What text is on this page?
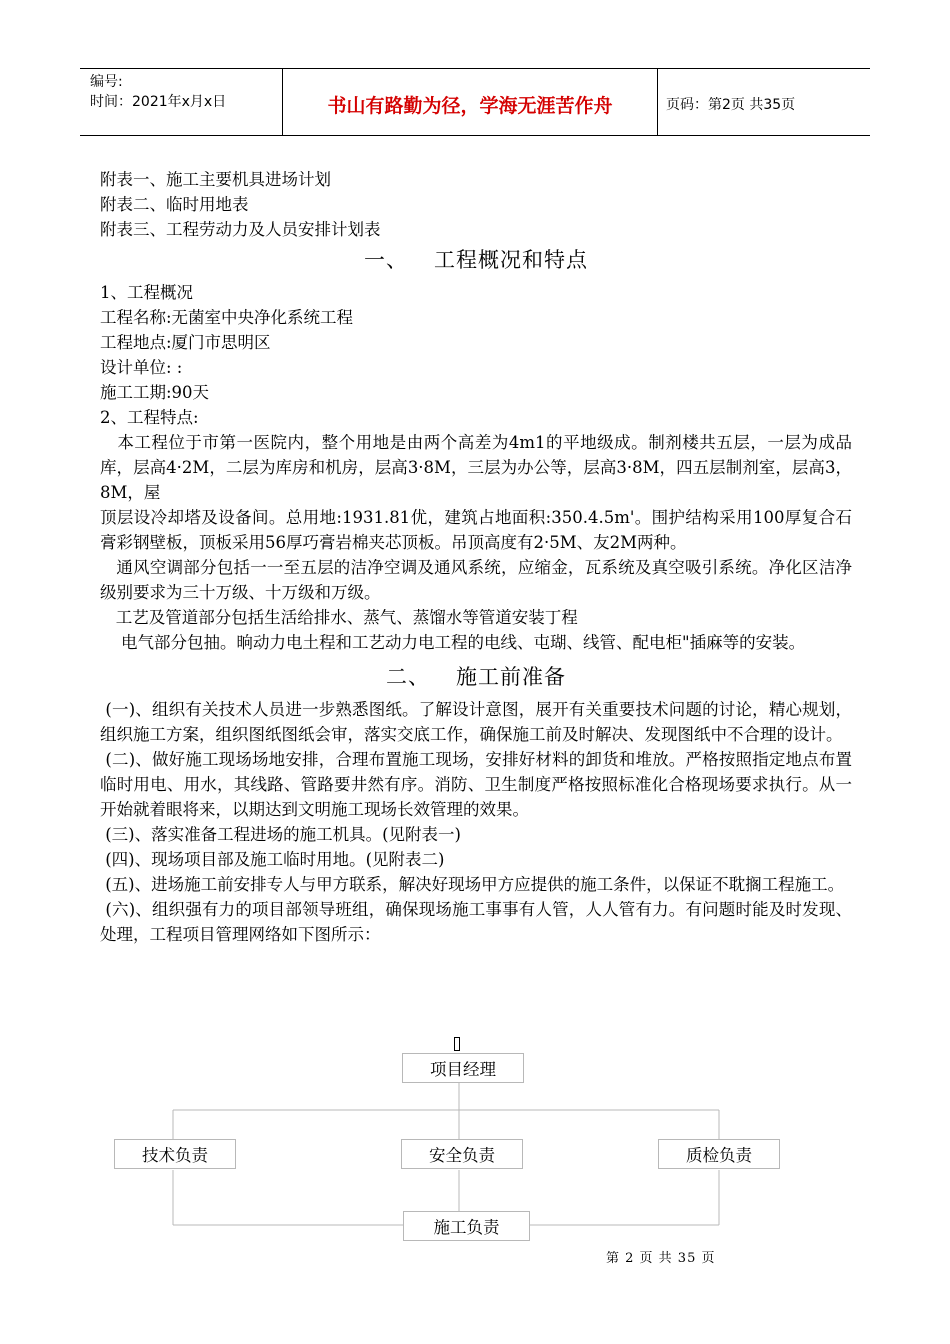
编号:
时间：2021年x月x日	书山有路勤为径，学海无涯苦作舟	页码：第2页 共35页
附表一、施工主要机具进场计划
附表二、临时用地表
附表三、工程劳动力及人员安排计划表
一、 工程概况和特点
1、工程概况
工程名称:无菌室中央净化系统工程
工程地点:厦门市思明区
设计单位: :
施工工期:90天
2、工程特点:
本工程位于市第一医院内，整个用地是由两个高差为4m1的平地级成。制剂楼共五层，一层为成品库，层高4·2M，二层为库房和机房，层高3·8M，三层为办公等，层高3·8M，四五层制剂室，层高3，8M，屋
顶层设冷却塔及设备间。总用地:1931.81优，建筑占地面积:350.4.5m'。围护结构采用100厚复合石膏彩钢壁板，顶板采用56厚巧膏岩棉夹芯顶板。吊顶高度有2·5M、友2M两种。
通风空调部分包括一一至五层的洁净空调及通风系统，应缩金，瓦系统及真空吸引系统。净化区洁净级别要求为三十万级、十万级和万级。
工艺及管道部分包括生活给排水、蒸气、蒸馏水等管道安装丁程
电气部分包抽。晌动力电土程和工艺动力电工程的电线、屯瑚、线管、配电柜"插麻等的安装。
二、 施工前准备
(一)、组织有关技术人员进一步熟悉图纸。了解设计意图，展开有关重要技术问题的讨论，精心规划，组织施工方案，组织图纸图纸会审，落实交底工作，确保施工前及时解决、发现图纸中不合理的设计。
(二)、做好施工现场场地安排，合理布置施工现场，安排好材料的卸货和堆放。严格按照指定地点布置临时用电、用水，其线路、管路要井然有序。消防、卫生制度严格按照标准化合格现场要求执行。从一开始就着眼将来，以期达到文明施工现场长效管理的效果。
(三)、落实准备工程进场的施工机具。(见附表一)
(四)、现场项目部及施工临时用地。(见附表二)
(五)、进场施工前安排专人与甲方联系，解决好现场甲方应提供的施工条件，以保证不耽搁工程施工。
(六)、组织强有力的项目部领导班组，确保现场施工事事有人管，人人管有力。有问题时能及时发现、处理，工程项目管理网络如下图所示：
项目经理
技术负责	安全负责	质检负责
施工负责
第 2 页 共 35 页
